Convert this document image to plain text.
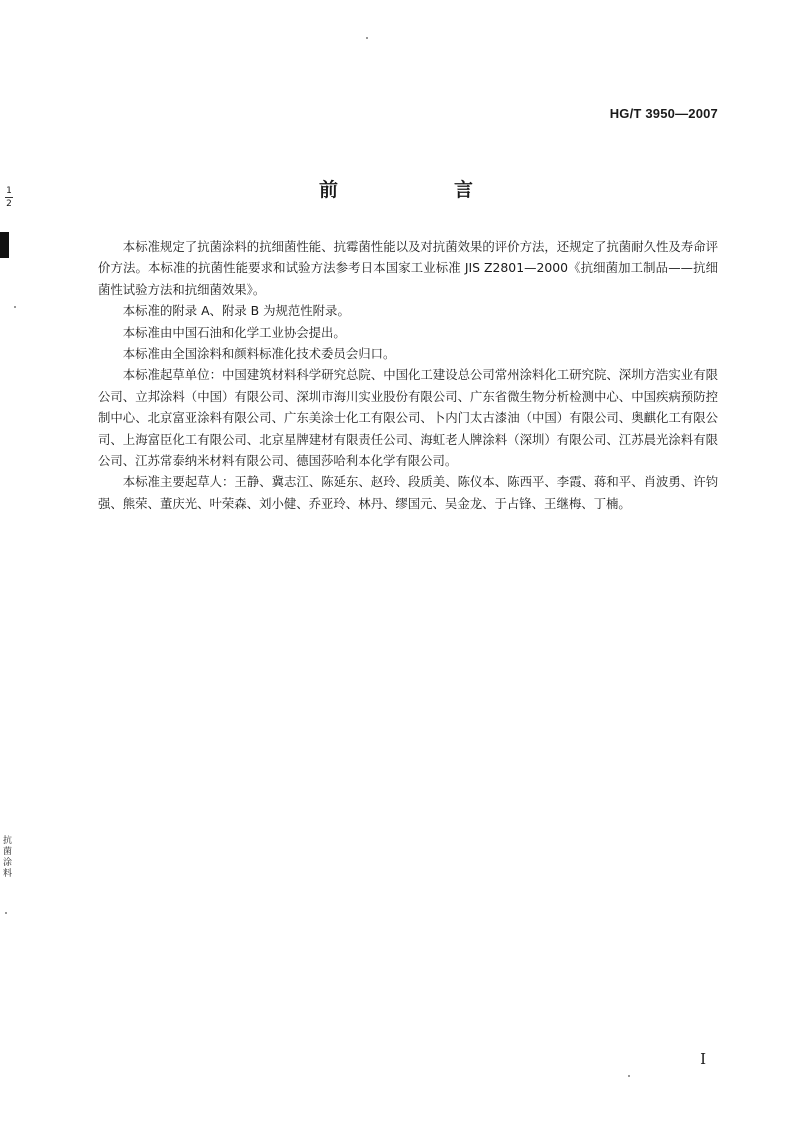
HG/T 3950—2007
前　　言

本标准规定了抗菌涂料的抗细菌性能、抗霉菌性能以及对抗菌效果的评价方法，还规定了抗菌耐久性及寿命评价方法。本标准的抗菌性能要求和试验方法参考日本国家工业标准 JIS Z2801—2000《抗细菌加工制品——抗细菌性试验方法和抗细菌效果》。

本标准的附录 A、附录 B 为规范性附录。

本标准由中国石油和化学工业协会提出。

本标准由全国涂料和颜料标准化技术委员会归口。

本标准起草单位：中国建筑材料科学研究总院、中国化工建设总公司常州涂料化工研究院、深圳方浩实业有限公司、立邦涂料（中国）有限公司、深圳市海川实业股份有限公司、广东省微生物分析检测中心、中国疾病预防控制中心、北京富亚涂料有限公司、广东美涂士化工有限公司、卜内门太古漆油（中国）有限公司、奥麒化工有限公司、上海富臣化工有限公司、北京星牌建材有限责任公司、海虹老人牌涂料（深圳）有限公司、江苏晨光涂料有限公司、江苏常泰纳米材料有限公司、德国莎哈利本化学有限公司。

本标准主要起草人：王静、冀志江、陈延东、赵玲、段质美、陈仪本、陈西平、李霞、蒋和平、肖波勇、许钧强、熊荣、董庆光、叶荣森、刘小健、乔亚玲、林丹、缪国元、吴金龙、于占锋、王继梅、丁楠。

I
1
2
抗菌涂料
